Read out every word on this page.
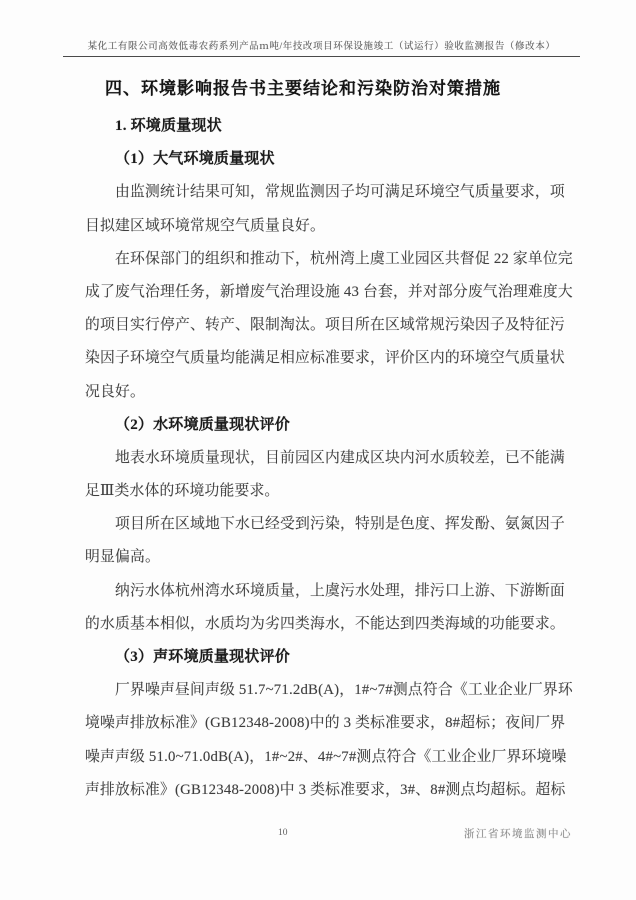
某化工有限公司高效低毒农药系列产品ｍ吨/年技改项目环保设施竣工（试运行）验收监测报告（修改本）
四、环境影响报告书主要结论和污染防治对策措施
1. 环境质量现状
（1）大气环境质量现状
　　由监测统计结果可知，常规监测因子均可满足环境空气质量要求，项
目拟建区域环境常规空气质量良好。
　　在环保部门的组织和推动下，杭州湾上虞工业园区共督促 22 家单位完
成了废气治理任务，新增废气治理设施 43 台套，并对部分废气治理难度大
的项目实行停产、转产、限制淘汰。项目所在区域常规污染因子及特征污
染因子环境空气质量均能满足相应标准要求，评价区内的环境空气质量状
况良好。
（2）水环境质量现状评价
　　地表水环境质量现状，目前园区内建成区块内河水质较差，已不能满
足Ⅲ类水体的环境功能要求。
　　项目所在区域地下水已经受到污染，特别是色度、挥发酚、氨氮因子
明显偏高。
　　纳污水体杭州湾水环境质量，上虞污水处理，排污口上游、下游断面
的水质基本相似，水质均为劣四类海水，不能达到四类海域的功能要求。
（3）声环境质量现状评价
　　厂界噪声昼间声级 51.7~71.2dB(A)，1#~7#测点符合《工业企业厂界环
境噪声排放标准》(GB12348-2008)中的 3 类标准要求，8#超标；夜间厂界
噪声声级 51.0~71.0dB(A)，1#~2#、4#~7#测点符合《工业企业厂界环境噪
声排放标准》(GB12348-2008)中 3 类标准要求，3#、8#测点均超标。超标
10	浙江省环境监测中心
